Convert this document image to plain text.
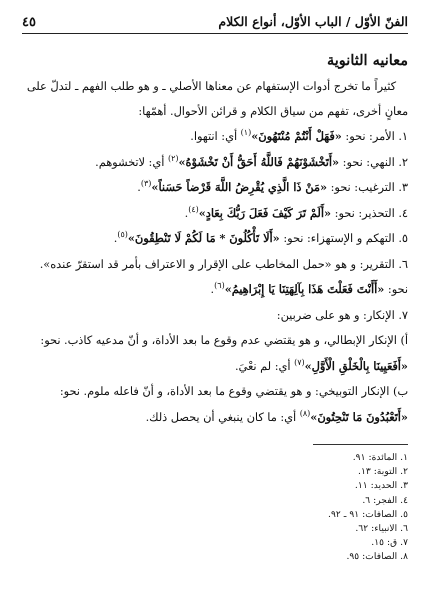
الفنّ الأوّل / الباب الأوّل، أنواع الكلام
٤٥
معانيه الثانوية

كثيراً ما تخرج أدوات الإستفهام عن معناها الأصلي ـ و هو طلب الفهم ـ لتدلّ على

معانٍ أخرى، تفهم من سياق الكلام و قرائن الأحوال. أهمّها:

١. الأمر: نحو: «فَهَلْ أَنْتُمْ مُنْتَهُونَ»$^{(١)}$ أي: انتهوا.

٢. النهي: نحو: «أَتَخْشَوْنَهُمْ فَاللَّهُ أَحَقُّ أَنْ تَخْشَوْهُ»$^{(٢)}$ أي: لاتخشوهم.

٣. الترغيب: نحو: «مَنْ ذَا الَّذِي يُقْرِضُ اللَّهَ قَرْضاً حَسَناً»$^{(٣)}$.

٤. التحذير: نحو: «أَلَمْ تَرَ كَيْفَ فَعَلَ رَبُّكَ بِعَادٍ»$^{(٤)}$.

٥. التهكم و الإستهزاء: نحو: «أَلَا تَأْكُلُونَ * مَا لَكُمْ لَا تَنْطِقُونَ»$^{(٥)}$.

٦. التقرير: و هو «حمل المخاطب على الإقرار و الاعتراف بأمر قد استقرّ عنده».

نحو: «أَأَنْتَ فَعَلْتَ هَذَا بِآلِهَتِنَا يَا إِبْرَاهِيمُ»$^{(٦)}$.

٧. الإنكار: و هو على ضربين:

أ) الإنكار الإبطالي، و هو يقتضي عدم وقوع ما بعد الأداة، و أنّ مدعيه كاذب. نحو:

«أَفَعَيِينَا بِالْخَلْقِ الْأَوَّلِ»$^{(٧)}$ أي: لم نعْيَ.

ب) الإنكار التوبيخي: و هو يقتضي وقوع ما بعد الأداة، و أنّ فاعله ملوم. نحو:

«أَتَعْبُدُونَ مَا تَنْحِتُونَ»$^{(٨)}$ أي: ما كان ينبغي أن يحصل ذلك.

١. المائدة: ٩١.

٢. التوبة: ١٣.

٣. الحديد: ١١.

٤. الفجر: ٦.

٥. الصافات: ٩١ ـ ٩٢.

٦. الانبياء: ٦٢.

٧. ق: ١٥.

٨. الصافات: ٩٥.
